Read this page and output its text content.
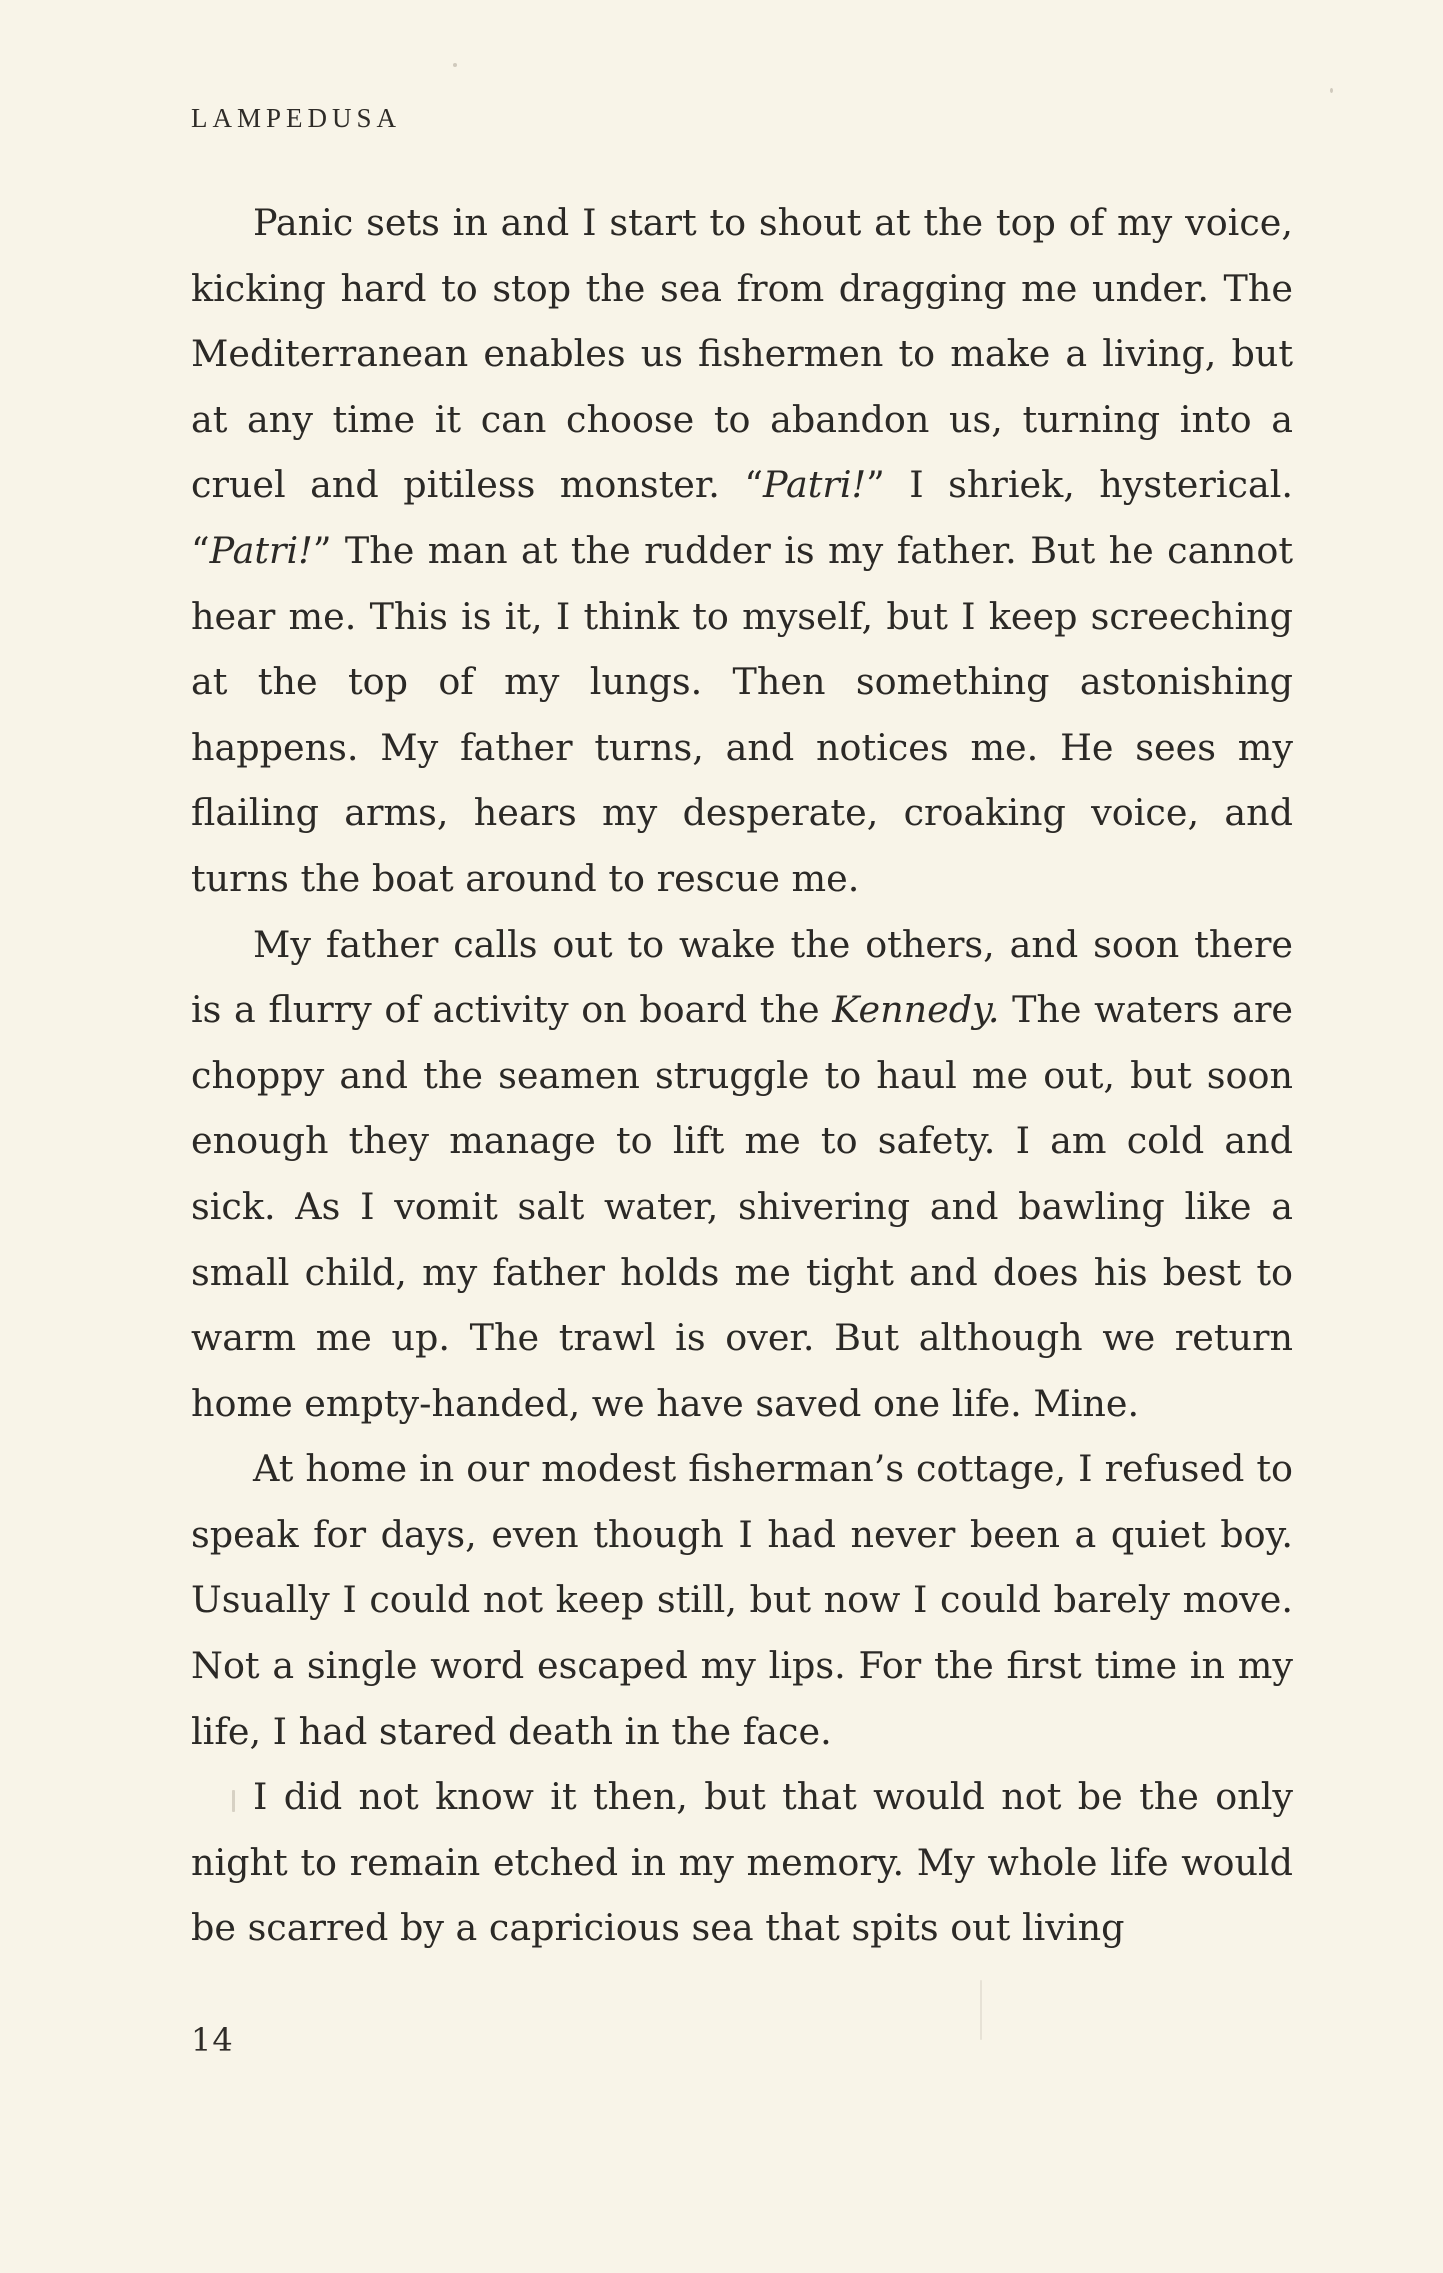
LAMPEDUSA

Panic sets in and I start to shout at the top of my voice, kicking hard to stop the sea from dragging me under. The Mediterranean enables us fishermen to make a living, but at any time it can choose to abandon us, turning into a cruel and pitiless monster. “Patri!” I shriek, hysterical. “Patri!” The man at the rudder is my father. But he cannot hear me. This is it, I think to myself, but I keep screeching at the top of my lungs. Then something astonishing happens. My father turns, and notices me. He sees my flailing arms, hears my desperate, croaking voice, and turns the boat around to rescue me.

My father calls out to wake the others, and soon there is a flurry of activity on board the Kennedy. The waters are choppy and the seamen struggle to haul me out, but soon enough they manage to lift me to safety. I am cold and sick. As I vomit salt water, shivering and bawling like a small child, my father holds me tight and does his best to warm me up. The trawl is over. But although we return home empty-handed, we have saved one life. Mine.

At home in our modest fisherman’s cottage, I refused to speak for days, even though I had never been a quiet boy. Usually I could not keep still, but now I could barely move. Not a single word escaped my lips. For the first time in my life, I had stared death in the face.

I did not know it then, but that would not be the only night to remain etched in my memory. My whole life would be scarred by a capricious sea that spits out living

14
